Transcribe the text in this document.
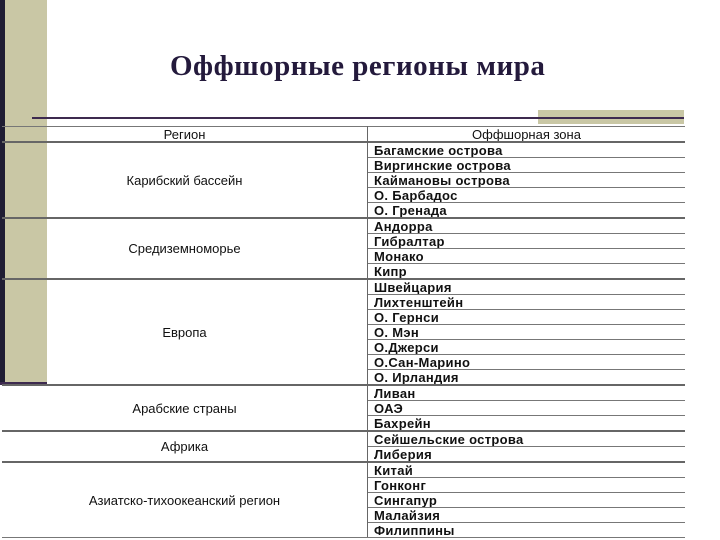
Оффшорные регионы мира
Регион	Оффшорная зона
Карибский бассейн	Багамские острова
	Виргинские острова
	Каймановы острова
	О. Барбадос
	О. Гренада
Средиземноморье	Андорра
	Гибралтар
	Монако
	Кипр
Европа	Швейцария
	Лихтенштейн
	О. Гернси
	О. Мэн
	О.Джерси
	О.Сан-Марино
	О. Ирландия
Арабские страны	Ливан
	ОАЭ
	Бахрейн
Африка	Сейшельские острова
	Либерия
Азиатско-тихоокеанский регион	Китай
	Гонконг
	Сингапур
	Малайзия
	Филиппины
